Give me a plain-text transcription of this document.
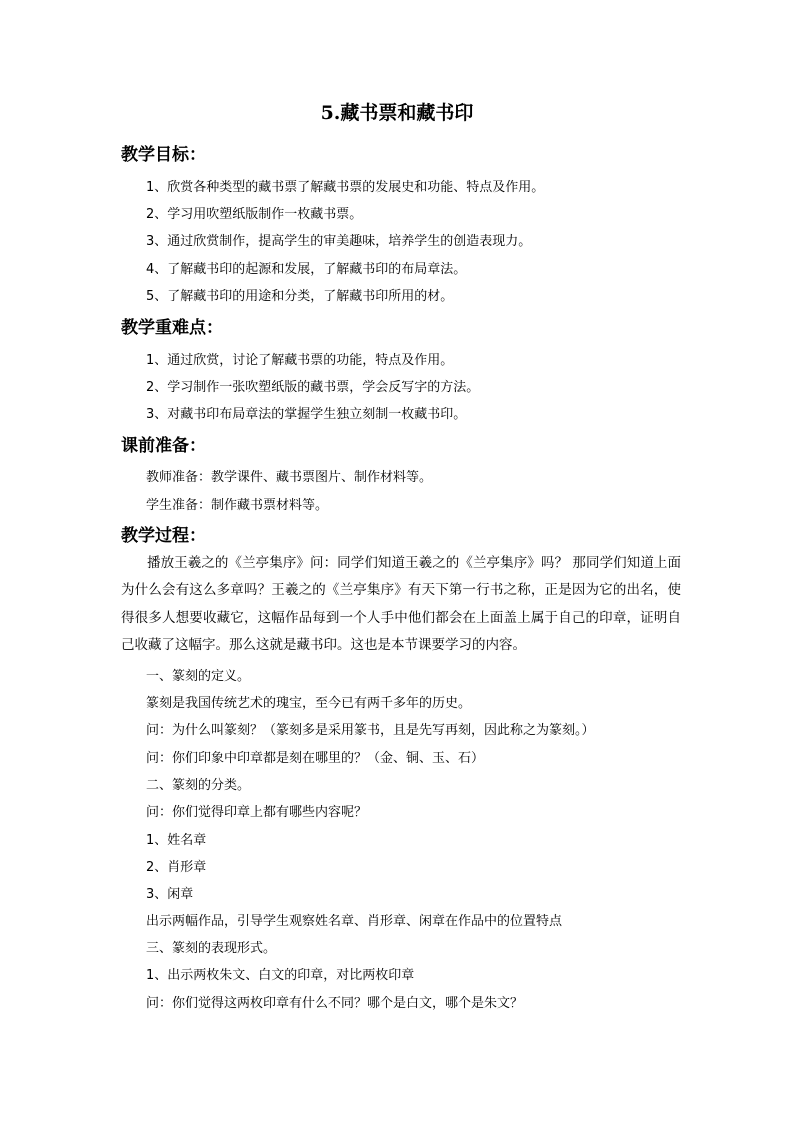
5.藏书票和藏书印
教学目标：
1、欣赏各种类型的藏书票了解藏书票的发展史和功能、特点及作用。
2、学习用吹塑纸版制作一枚藏书票。
3、通过欣赏制作，提高学生的审美趣味，培养学生的创造表现力。
4、了解藏书印的起源和发展，了解藏书印的布局章法。
5、了解藏书印的用途和分类，了解藏书印所用的材。
教学重难点：
1、通过欣赏，讨论了解藏书票的功能，特点及作用。
2、学习制作一张吹塑纸版的藏书票，学会反写字的方法。
3、对藏书印布局章法的掌握学生独立刻制一枚藏书印。
课前准备：
教师准备：教学课件、藏书票图片、制作材料等。
学生准备：制作藏书票材料等。
教学过程：
播放王羲之的《兰亭集序》问：同学们知道王羲之的《兰亭集序》吗？ 那同学们知道上面为什么会有这么多章吗？王羲之的《兰亭集序》有天下第一行书之称，正是因为它的出名，使得很多人想要收藏它，这幅作品每到一个人手中他们都会在上面盖上属于自己的印章，证明自己收藏了这幅字。那么这就是藏书印。这也是本节课要学习的内容。
一、篆刻的定义。
篆刻是我国传统艺术的瑰宝，至今已有两千多年的历史。
问：为什么叫篆刻？（篆刻多是采用篆书，且是先写再刻，因此称之为篆刻。）
问：你们印象中印章都是刻在哪里的？（金、铜、玉、石）
二、篆刻的分类。
问：你们觉得印章上都有哪些内容呢？
1、姓名章
2、肖形章
3、闲章
出示两幅作品，引导学生观察姓名章、肖形章、闲章在作品中的位置特点
三、篆刻的表现形式。
1、出示两枚朱文、白文的印章，对比两枚印章
问：你们觉得这两枚印章有什么不同？哪个是白文，哪个是朱文？
